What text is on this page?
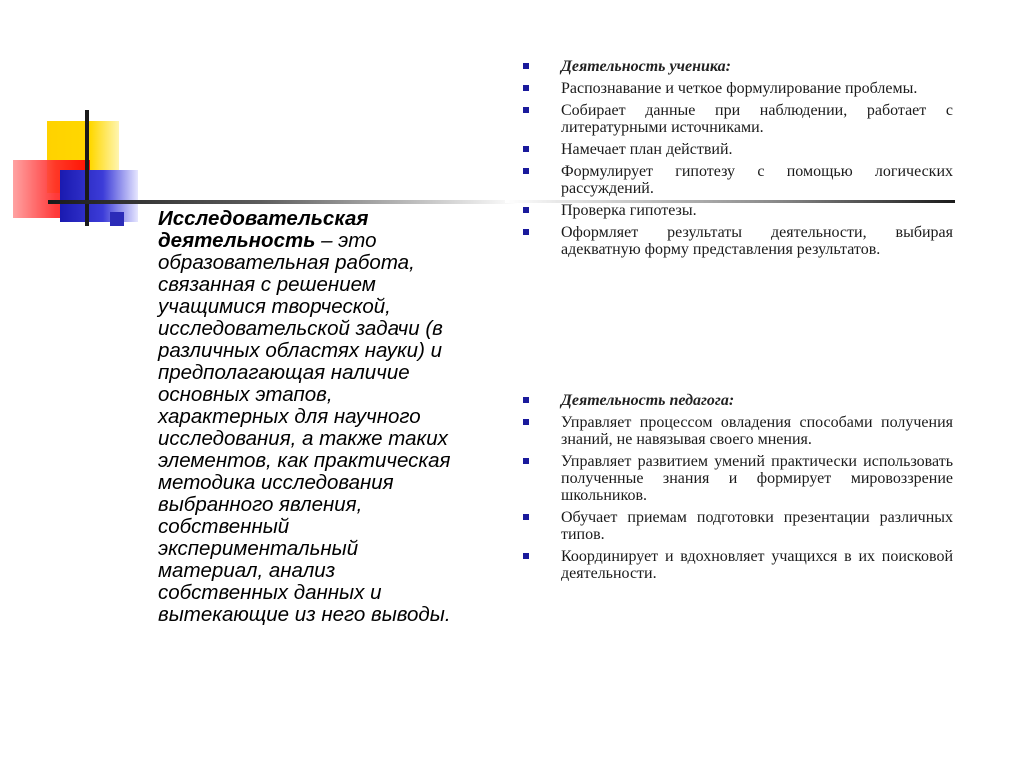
Исследовательская деятельность – это образовательная работа, связанная с решением учащимися творческой, исследовательской задачи (в различных областях науки) и предполагающая наличие основных этапов, характерных для научного исследования, а также таких элементов, как практическая методика исследования выбранного явления, собственный экспериментальный материал, анализ собственных данных и вытекающие из него выводы.
Деятельность ученика:
Распознавание и четкое формулирование проблемы.
Собирает данные при наблюдении, работает с литературными источниками.
Намечает план действий.
Формулирует гипотезу с помощью логических рассуждений.
Проверка гипотезы.
Оформляет результаты деятельности, выбирая адекватную форму представления результатов.
Деятельность педагога:
Управляет процессом овладения способами получения знаний, не навязывая своего мнения.
Управляет развитием умений практически использовать полученные знания и формирует мировоззрение школьников.
Обучает приемам подготовки презентации различных типов.
Координирует и вдохновляет учащихся в их поисковой деятельности.
